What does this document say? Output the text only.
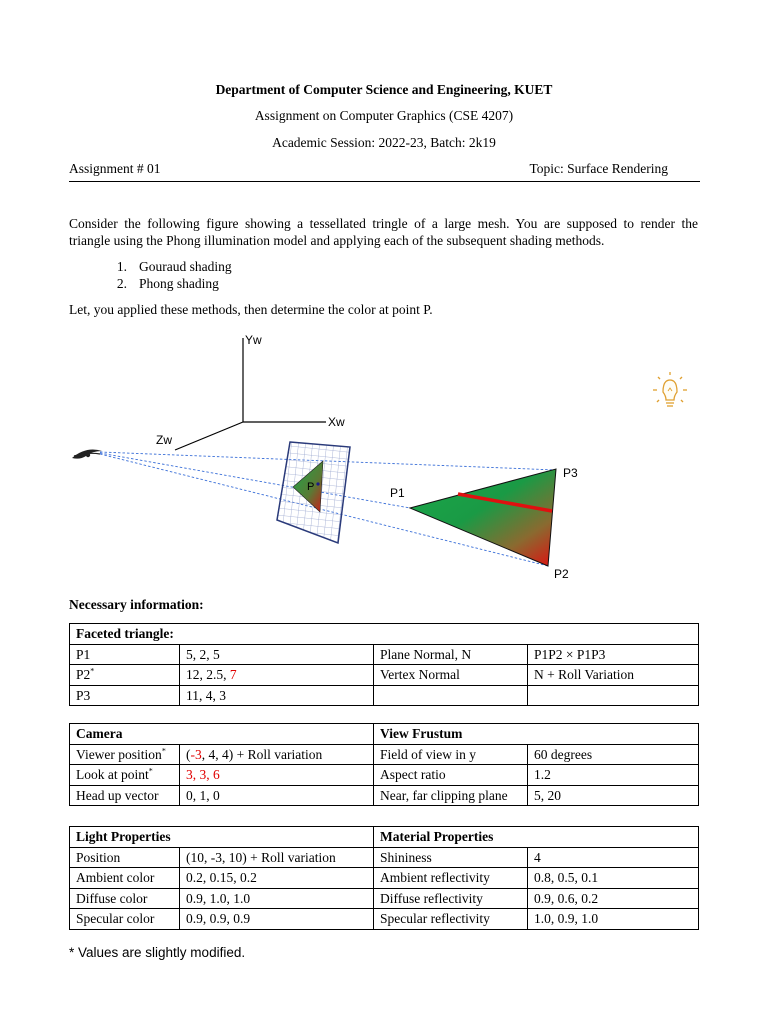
Department of Computer Science and Engineering, KUET
Assignment on Computer Graphics (CSE 4207)
Academic Session: 2022-23, Batch: 2k19
Assignment # 01	Topic: Surface Rendering
Consider the following figure showing a tessellated tringle of a large mesh. You are supposed to render the
triangle using the Phong illumination model and applying each of the subsequent shading methods.
1. Gouraud shading
2. Phong shading
Let, you applied these methods, then determine the color at point P.
Yw
Xw
Zw
P	P1
P3
P2
Necessary information:
Faceted triangle:			
P1	5, 2, 5	Plane Normal, N	P1P2 × P1P3
P2*	12, 2.5, 7	Vertex Normal	N + Roll Variation
P3	11, 4, 3		
Camera		View Frustum	
Viewer position*	(-3, 4, 4) + Roll variation	Field of view in y	60 degrees
Look at point*	3, 3, 6	Aspect ratio	1.2
Head up vector	0, 1, 0	Near, far clipping plane	5, 20
Light Properties		Material Properties	
Position	(10, -3, 10) + Roll variation	Shininess	4
Ambient color	0.2, 0.15, 0.2	Ambient reflectivity	0.8, 0.5, 0.1
Diffuse color	0.9, 1.0, 1.0	Diffuse reflectivity	0.9, 0.6, 0.2
Specular color	0.9, 0.9, 0.9	Specular reflectivity	1.0, 0.9, 1.0
* Values are slightly modified.
